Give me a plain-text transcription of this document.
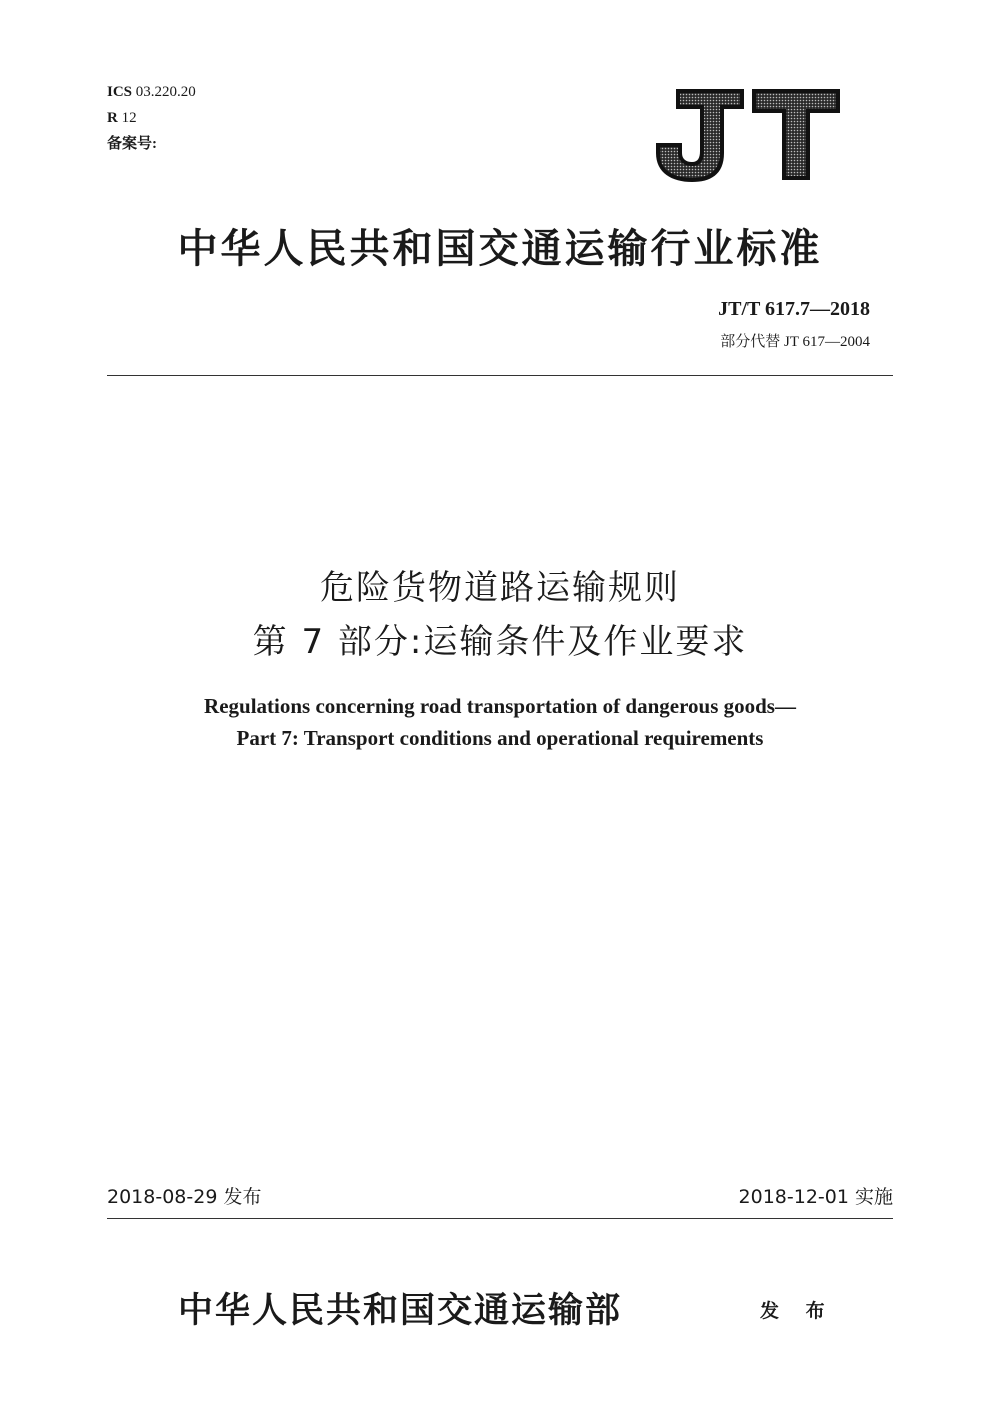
ICS 03.220.20
R 12
备案号:
中华人民共和国交通运输行业标准
JT/T 617.7—2018
部分代替 JT 617—2004
危险货物道路运输规则
第 7 部分:运输条件及作业要求
Regulations concerning road transportation of dangerous goods—
Part 7: Transport conditions and operational requirements
2018-08-29 发布	2018-12-01 实施
中华人民共和国交通运输部	发 布
